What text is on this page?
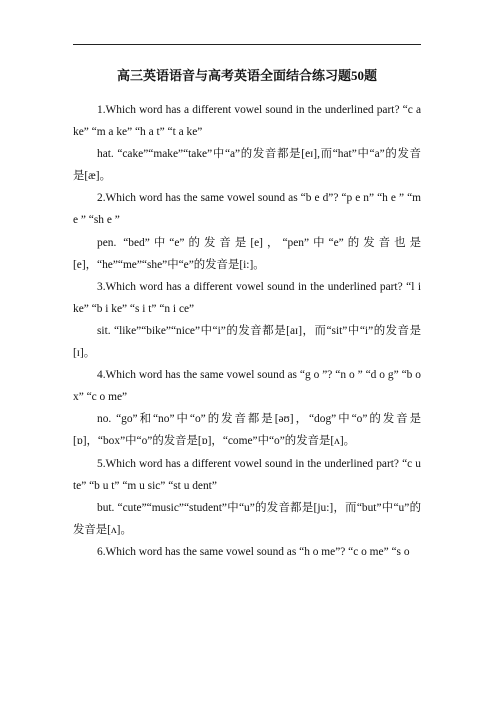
高三英语语音与高考英语全面结合练习题50题

1.Which word has a different vowel sound in the underlined part? “c a ke” “m a ke” “h a t” “t a ke”

hat. “cake”“make”“take”中“a”的发音都是[eɪ],而“hat”中“a”的发音是[æ]。

2.Which word has the same vowel sound as “b e d”? “p e n” “h e ” “m e ” “sh e ”

pen. “bed”中“e”的发音是[e]，“pen”中“e”的发音也是[e]，“he”“me”“she”中“e”的发音是[i:]。

3.Which word has a different vowel sound in the underlined part? “l i ke” “b i ke” “s i t” “n i ce”

sit. “like”“bike”“nice”中“i”的发音都是[aɪ]，而“sit”中“i”的发音是[ɪ]。

4.Which word has the same vowel sound as “g o ”? “n o ” “d o g” “b o x” “c o me”

no. “go”和“no”中“o”的发音都是[əʊ]，“dog”中“o”的发音是[ɒ]，“box”中“o”的发音是[ɒ]，“come”中“o”的发音是[ʌ]。

5.Which word has a different vowel sound in the underlined part? “c u te” “b u t” “m u sic” “st u dent”

but. “cute”“music”“student”中“u”的发音都是[ju:]，而“but”中“u”的发音是[ʌ]。

6.Which word has the same vowel sound as “h o me”? “c o me” “s o
